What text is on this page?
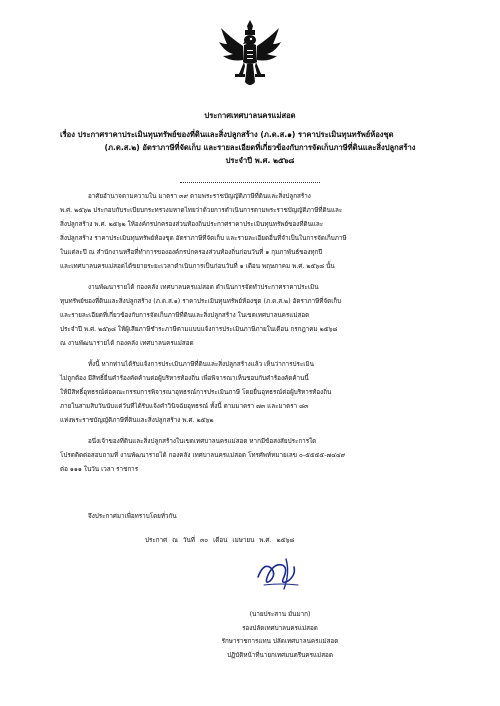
ประกาศเทศบาลนครแม่สอด

เรื่อง ประกาศราคาประเมินทุนทรัพย์ของที่ดินและสิ่งปลูกสร้าง (ภ.ด.ส.๑) ราคาประเมินทุนทรัพย์ห้องชุด

(ภ.ด.ส.๒) อัตราภาษีที่จัดเก็บ และรายละเอียดที่เกี่ยวข้องกับการจัดเก็บภาษีที่ดินและสิ่งปลูกสร้าง

ประจำปี พ.ศ. ๒๕๖๘

อาศัยอำนาจตามความใน มาตรา ๓๙ ตามพระราชบัญญัติภาษีที่ดินและสิ่งปลูกสร้าง
พ.ศ. ๒๕๖๒ ประกอบกับระเบียบกระทรวงมหาดไทยว่าด้วยการดำเนินการตามพระราชบัญญัติภาษีที่ดินและ
สิ่งปลูกสร้าง พ.ศ. ๒๕๖๒ ให้องค์กรปกครองส่วนท้องถิ่นประกาศราคาประเมินทุนทรัพย์ของที่ดินและ
สิ่งปลูกสร้าง ราคาประเมินทุนทรัพย์ห้องชุด อัตราภาษีที่จัดเก็บ และรายละเอียดอื่นที่จำเป็นในการจัดเก็บภาษี
ในแต่ละปี ณ สำนักงานหรือที่ทำการขององค์กรปกครองส่วนท้องถิ่นก่อนวันที่ ๑ กุมภาพันธ์ของทุกปี
และเทศบาลนครแม่สอดได้ขยายระยะเวลาดำเนินการเป็นก่อนวันที่ ๑ เดือน พฤษภาคม พ.ศ. ๒๕๖๘ นั้น

งานพัฒนารายได้ กองคลัง เทศบาลนครแม่สอด ดำเนินการจัดทำประกาศราคาประเมิน
ทุนทรัพย์ของที่ดินและสิ่งปลูกสร้าง (ภ.ด.ส.๑) ราคาประเมินทุนทรัพย์ห้องชุด (ภ.ด.ส.๒) อัตราภาษีที่จัดเก็บ
และรายละเอียดที่เกี่ยวข้องกับการจัดเก็บภาษีที่ดินและสิ่งปลูกสร้าง ในเขตเทศบาลนครแม่สอด
ประจำปี พ.ศ. ๒๕๖๘ ให้ผู้เสียภาษีชำระภาษีตามแบบแจ้งการประเมินภาษีภายในเดือน กรกฎาคม ๒๕๖๘
ณ งานพัฒนารายได้ กองคลัง เทศบาลนครแม่สอด

ทั้งนี้ หากท่านได้รับแจ้งการประเมินภาษีที่ดินและสิ่งปลูกสร้างแล้ว เห็นว่าการประเมิน
ไม่ถูกต้อง มีสิทธิ์ยื่นคำร้องคัดค้านต่อผู้บริหารท้องถิ่น เพื่อพิจารณาเห็นชอบกับคำร้องคัดค้านนี้
ให้มีสิทธิ์อุทธรณ์ต่อคณะกรรมการพิจารณาอุทธรณ์การประเมินภาษี โดยยื่นอุทธรณ์ต่อผู้บริหารท้องถิ่น
ภายในสามสิบวันนับแต่วันที่ได้รับแจ้งคำวินิจฉัยอุทธรณ์ ทั้งนี้ ตามมาตรา ๗๓ และมาตรา ๘๓
แห่งพระราชบัญญัติภาษีที่ดินและสิ่งปลูกสร้าง พ.ศ. ๒๕๖๒

อนึ่งเจ้าของที่ดินและสิ่งปลูกสร้างในเขตเทศบาลนครแม่สอด หากมีข้อสงสัยประการใด
โปรดติดต่อสอบถามที่ งานพัฒนารายได้ กองคลัง เทศบาลนครแม่สอด โทรศัพท์หมายเลข ๐-๕๕๕๕-๗๔๔๙
ต่อ ๑๑๑ ในวัน เวลา ราชการ

จึงประกาศมาเพื่อทราบโดยทั่วกัน
ประกาศ ณ วันที่ ๓๐ เดือน เมษายน พ.ศ. ๒๕๖๘
(นายประสาน มั่นมาก)
รองปลัดเทศบาลนครแม่สอด
รักษาราชการแทน ปลัดเทศบาลนครแม่สอด
ปฏิบัติหน้าที่นายกเทศมนตรีนครแม่สอด
